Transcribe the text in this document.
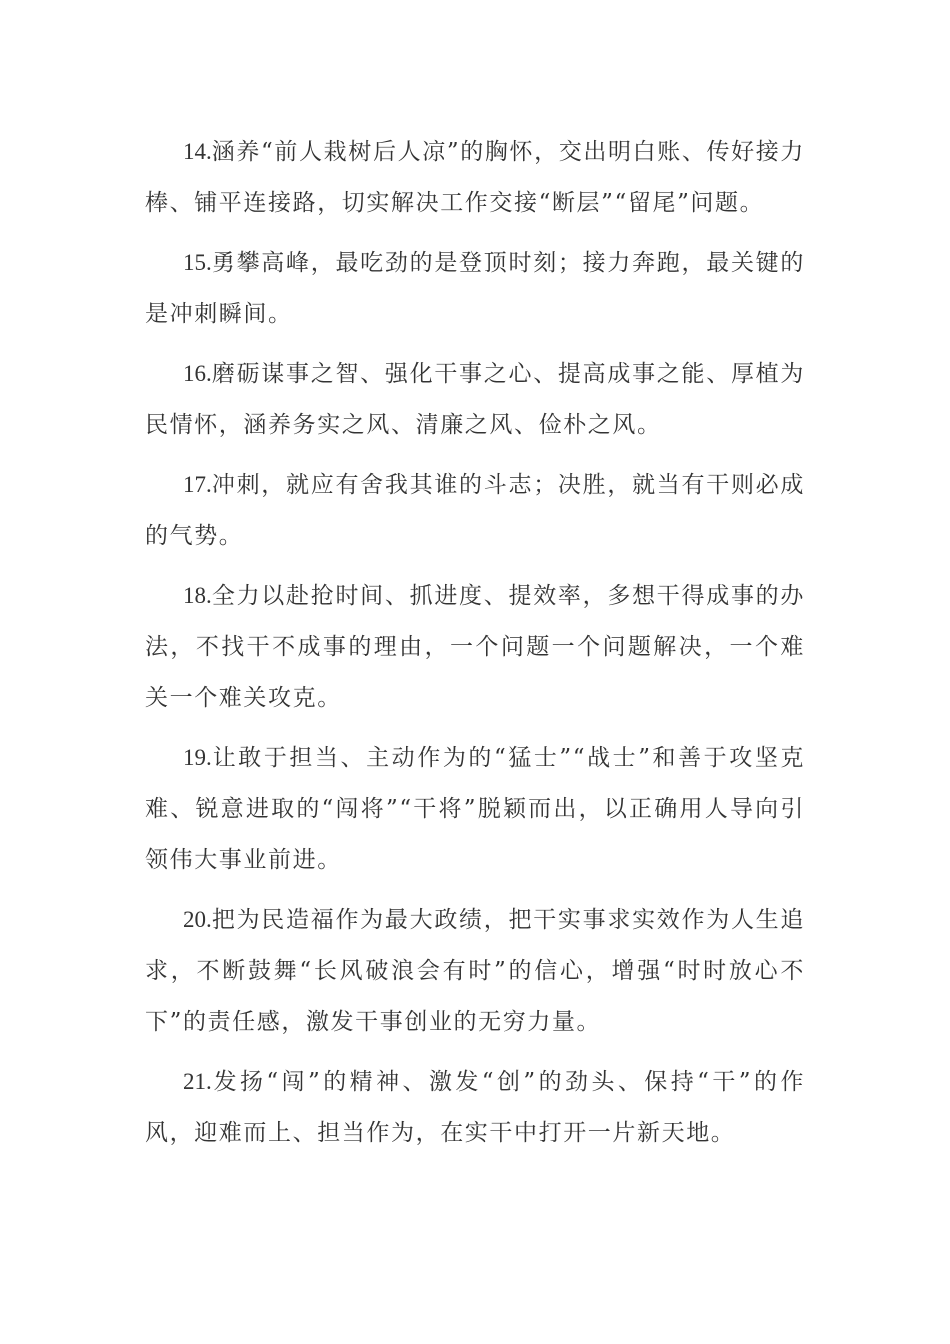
14.涵养“前人栽树后人凉”的胸怀，交出明白账、传好接力棒、铺平连接路，切实解决工作交接“断层”“留尾”问题。

15.勇攀高峰，最吃劲的是登顶时刻；接力奔跑，最关键的是冲刺瞬间。

16.磨砺谋事之智、强化干事之心、提高成事之能、厚植为民情怀，涵养务实之风、清廉之风、俭朴之风。

17.冲刺，就应有舍我其谁的斗志；决胜，就当有干则必成的气势。

18.全力以赴抢时间、抓进度、提效率，多想干得成事的办法，不找干不成事的理由，一个问题一个问题解决，一个难关一个难关攻克。

19.让敢于担当、主动作为的“猛士”“战士”和善于攻坚克难、锐意进取的“闯将”“干将”脱颖而出，以正确用人导向引领伟大事业前进。

20.把为民造福作为最大政绩，把干实事求实效作为人生追求，不断鼓舞“长风破浪会有时”的信心，增强“时时放心不下”的责任感，激发干事创业的无穷力量。

21.发扬“闯”的精神、激发“创”的劲头、保持“干”的作风，迎难而上、担当作为，在实干中打开一片新天地。
